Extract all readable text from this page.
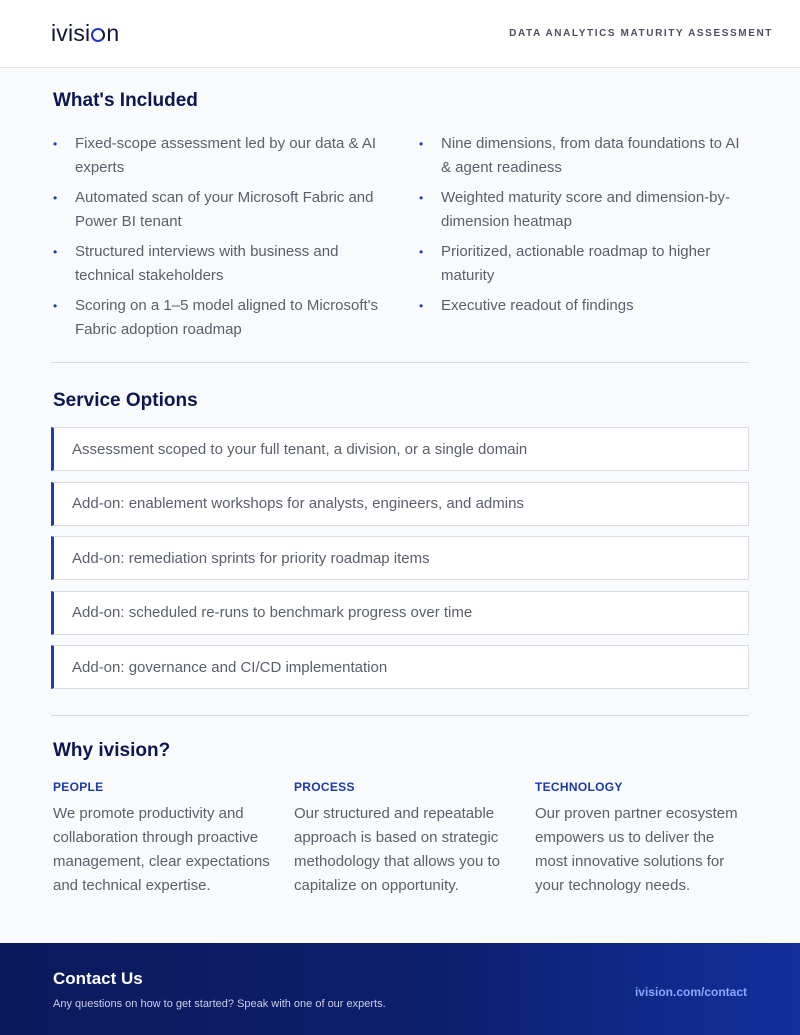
ivisi n	DATA ANALYTICS MATURITY ASSESSMENT
What's Included
• Fixed-scope assessment led by our data & AI experts
• Automated scan of your Microsoft Fabric and Power BI tenant
• Structured interviews with business and technical stakeholders
• Scoring on a 1–5 model aligned to Microsoft's Fabric adoption roadmap
• Nine dimensions, from data foundations to AI & agent readiness
• Weighted maturity score and dimension-by-dimension heatmap
• Prioritized, actionable roadmap to higher maturity
• Executive readout of findings
Service Options
Assessment scoped to your full tenant, a division, or a single domain
Add-on: enablement workshops for analysts, engineers, and admins
Add-on: remediation sprints for priority roadmap items
Add-on: scheduled re-runs to benchmark progress over time
Add-on: governance and CI/CD implementation
Why ivision?
PEOPLE
We promote productivity and collaboration through proactive management, clear expectations and technical expertise.
PROCESS
Our structured and repeatable approach is based on strategic methodology that allows you to capitalize on opportunity.
TECHNOLOGY
Our proven partner ecosystem empowers us to deliver the most innovative solutions for your technology needs.
Contact Us
Any questions on how to get started? Speak with one of our experts.
ivision.com/contact
